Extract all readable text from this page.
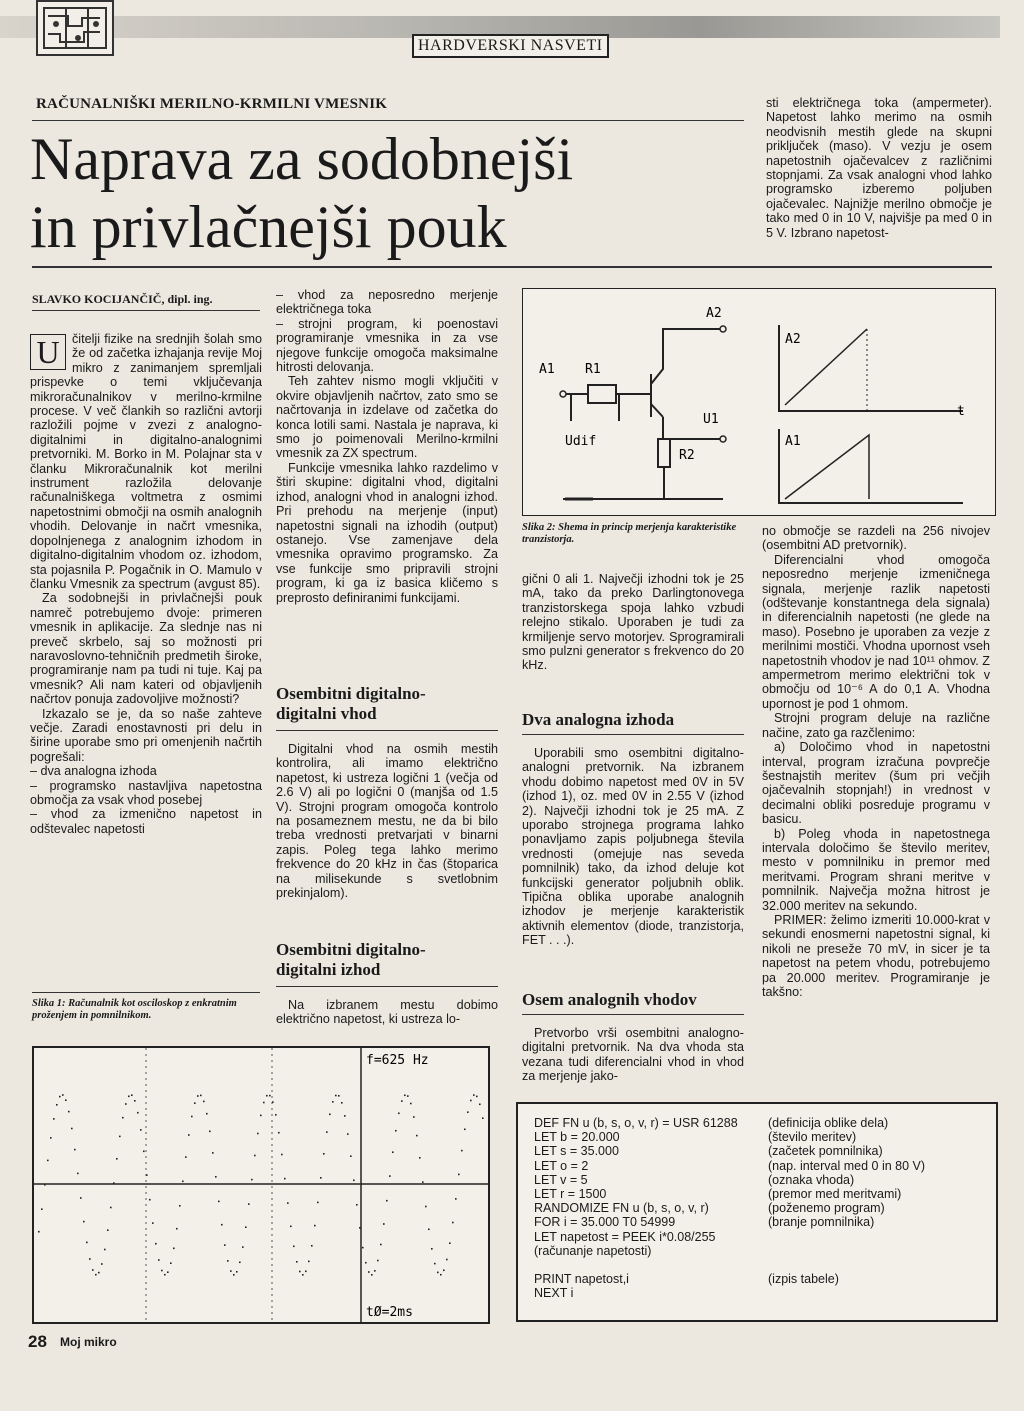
HARDVERSKI NASVETI
RAČUNALNIŠKI MERILNO-KRMILNI VMESNIK
Naprava za sodobnejši
in privlačnejši pouk

sti električnega toka (ampermeter). Napetost lahko merimo na osmih neodvisnih mestih glede na skupni priključek (maso). V vezju je osem napetostnih ojačevalcev z različnimi stopnjami. Za vsak analogni vhod lahko programsko izberemo poljuben ojačevalec. Najnižje merilno območje je tako med 0 in 10 V, najvišje pa med 0 in 5 V. Izbrano napetost-

SLAVKO KOCIJANČIČ, dipl. ing.
U čitelji fizike na srednjih šolah smo že od začetka izhajanja revije Moj mikro z zanimanjem spremljali prispevke o temi vključevanja mikroračunalnikov v merilno-krmilne procese. V več člankih so različni avtorji razložili pojme v zvezi z analogno-digitalnimi in digitalno-analognimi pretvorniki. M. Borko in M. Polajnar sta v članku Mikroračunalnik kot merilni instrument razložila delovanje računalniškega voltmetra z osmimi napetostnimi območji na osmih analognih vhodih. Delovanje in načrt vmesnika, dopolnjenega z analognim izhodom in digitalno-digitalnim vhodom oz. izhodom, sta pojasnila P. Pogačnik in O. Mamulo v članku Vmesnik za spectrum (avgust 85).

Za sodobnejši in privlačnejši pouk namreč potrebujemo dvoje: primeren vmesnik in aplikacije. Za slednje nas ni preveč skrbelo, saj so možnosti pri naravoslovno-tehničnih predmetih široke, programiranje nam pa tudi ni tuje. Kaj pa vmesnik? Ali nam kateri od objavljenih načrtov ponuja zadovoljive možnosti?

Izkazalo se je, da so naše zahteve večje. Zaradi enostavnosti pri delu in širine uporabe smo pri omenjenih načrtih pogrešali:

– dva analogna izhoda
– programsko nastavljiva napetostna območja za vsak vhod posebej
– vhod za izmenično napetost in odštevalec napetosti
Slika 1: Računalnik kot osciloskop z enkratnim proženjem in pomnilnikom.
– vhod za neposredno merjenje električnega toka
– strojni program, ki poenostavi programiranje vmesnika in za vse njegove funkcije omogoča maksimalne hitrosti delovanja.

Teh zahtev nismo mogli vključiti v okvire objavljenih načrtov, zato smo se načrtovanja in izdelave od začetka do konca lotili sami. Nastala je naprava, ki smo jo poimenovali Merilno-krmilni vmesnik za ZX spectrum.

Funkcije vmesnika lahko razdelimo v štiri skupine: digitalni vhod, digitalni izhod, analogni vhod in analogni izhod. Pri prehodu na merjenje (input) napetostni signali na izhodih (output) ostanejo. Vse zamenjave dela vmesnika opravimo programsko. Za vse funkcije smo pripravili strojni program, ki ga iz basica kličemo s preprosto definiranimi funkcijami.

Osembitni digitalno-digitalni vhod

Digitalni vhod na osmih mestih kontrolira, ali imamo električno napetost, ki ustreza logični 1 (večja od 2.6 V) ali po logični 0 (manjša od 1.5 V). Strojni program omogoča kontrolo na posameznem mestu, ne da bi bilo treba vrednosti pretvarjati v binarni zapis. Poleg tega lahko merimo frekvence do 20 kHz in čas (štoparica na milisekunde s svetlobnim prekinjalom).

Osembitni digitalno-digitalni izhod

Na izbranem mestu dobimo električno napetost, ki ustreza lo-

A1 R1
A2
U1
Udif
R2
A2
A1
t
Slika 2: Shema in princip merjenja karakteristike tranzistorja.

gični 0 ali 1. Največji izhodni tok je 25 mA, tako da preko Darlingtonovega tranzistorskega spoja lahko vzbudi relejno stikalo. Uporaben je tudi za krmiljenje servo motorjev. Sprogramirali smo pulzni generator s frekvenco do 20 kHz.

Dva analogna izhoda

Uporabili smo osembitni digitalno-analogni pretvornik. Na izbranem vhodu dobimo napetost med 0V in 5V (izhod 1), oz. med 0V in 2.55 V (izhod 2). Največji izhodni tok je 25 mA. Z uporabo strojnega programa lahko ponavljamo zapis poljubnega števila vrednosti (omejuje nas seveda pomnilnik) tako, da izhod deluje kot funkcijski generator poljubnih oblik. Tipična oblika uporabe analognih izhodov je merjenje karakteristik aktivnih elementov (diode, tranzistorja, FET . . .).

Osem analognih vhodov

Pretvorbo vrši osembitni analogno-digitalni pretvornik. Na dva vhoda sta vezana tudi diferencialni vhod in vhod za merjenje jako-

no območje se razdeli na 256 nivojev (osembitni AD pretvornik).

Diferencialni vhod omogoča neposredno merjenje izmeničnega signala, merjenje razlik napetosti (odštevanje konstantnega dela signala) in diferencialnih napetosti (ne glede na maso). Posebno je uporaben za vezje z merilnimi mostiči. Vhodna upornost vseh napetostnih vhodov je nad 10¹¹ ohmov. Z ampermetrom merimo električni tok v območju od 10⁻⁶ A do 0,1 A. Vhodna upornost je pod 1 ohmom.

Strojni program deluje na različne načine, zato ga razčlenimo:

a) Določimo vhod in napetostni interval, program izračuna povprečje šestnajstih meritev (šum pri večjih ojačevalnih stopnjah!) in vrednost v decimalni obliki posreduje programu v basicu.

b) Poleg vhoda in napetostnega intervala določimo še število meritev, mesto v pomnilniku in premor med meritvami. Program shrani meritve v pomnilnik. Največja možna hitrost je 32.000 meritev na sekundo.

PRIMER: želimo izmeriti 10.000-krat v sekundi enosmerni napetostni signal, ki nikoli ne preseže 70 mV, in sicer je ta napetost na petem vhodu, potrebujemo pa 20.000 meritev. Programiranje je takšno:

f=625 Hz
tØ=2ms
DEF FN u (b, s, o, v, r) = USR 61288	(definicija oblike dela)
LET b = 20.000	(število meritev)
LET s = 35.000	(začetek pomnilnika)
LET o = 2	(nap. interval med 0 in 80 V)
LET v = 5	(oznaka vhoda)
LET r = 1500	(premor med meritvami)
RANDOMIZE FN u (b, s, o, v, r)	(poženemo program)
FOR i = 35.000 T0 54999	(branje pomnilnika)
LET napetost = PEEK i*0.08/255
(računanje napetosti)
PRINT napetost,i	(izpis tabele)
NEXT i
28 Moj mikro
